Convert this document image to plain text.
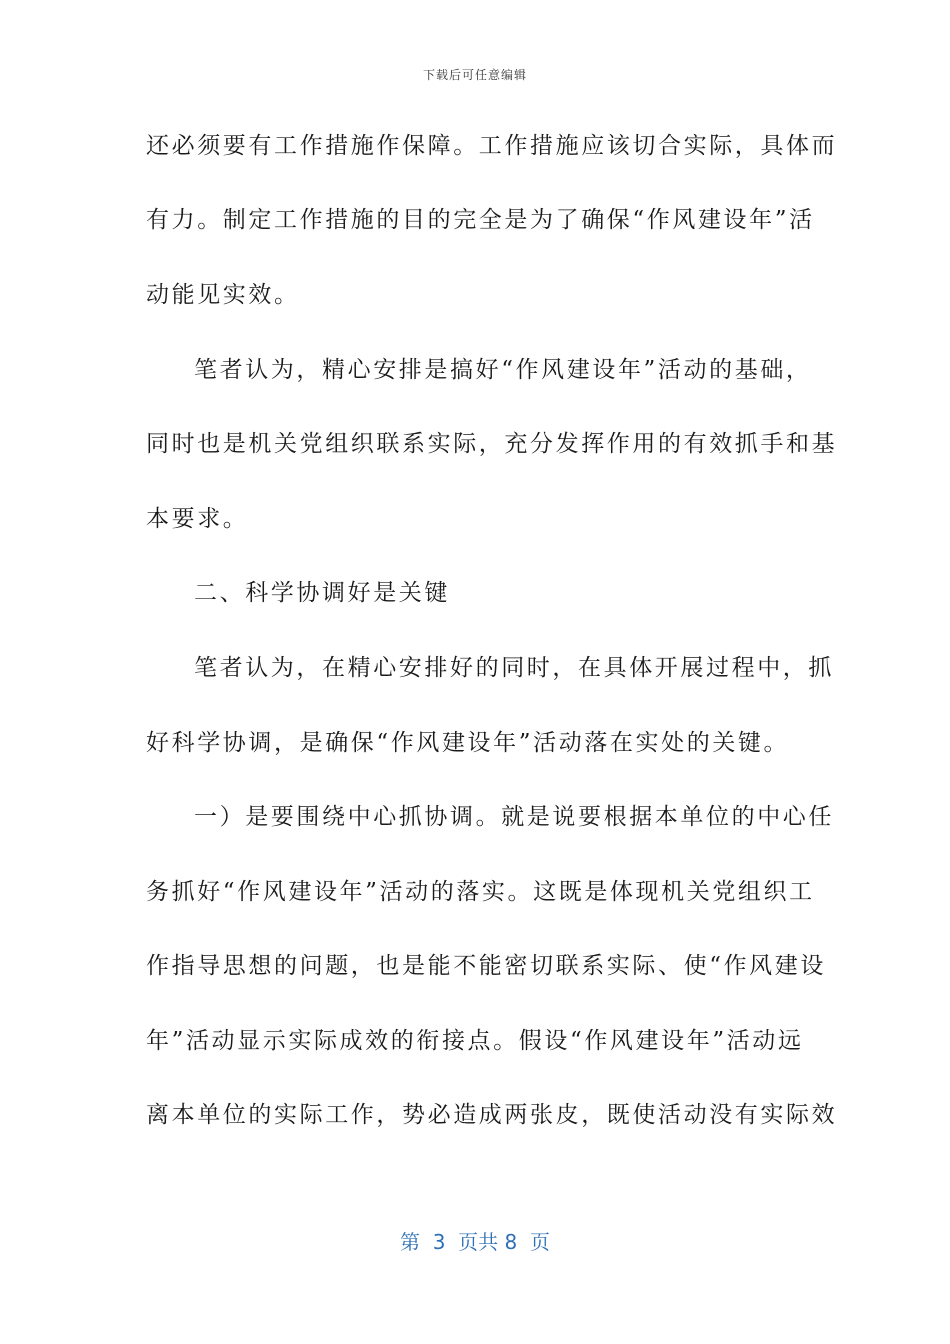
下载后可任意编辑
还必须要有工作措施作保障。工作措施应该切合实际，具体而
有力。制定工作措施的目的完全是为了确保“作风建设年”活
动能见实效。
笔者认为，精心安排是搞好“作风建设年”活动的基础，
同时也是机关党组织联系实际，充分发挥作用的有效抓手和基
本要求。
二、科学协调好是关键
笔者认为，在精心安排好的同时，在具体开展过程中，抓
好科学协调，是确保“作风建设年”活动落在实处的关键。
一）是要围绕中心抓协调。就是说要根据本单位的中心任
务抓好“作风建设年”活动的落实。这既是体现机关党组织工
作指导思想的问题，也是能不能密切联系实际、使“作风建设
年”活动显示实际成效的衔接点。假设“作风建设年”活动远
离本单位的实际工作，势必造成两张皮，既使活动没有实际效
第  3  页共 8  页
